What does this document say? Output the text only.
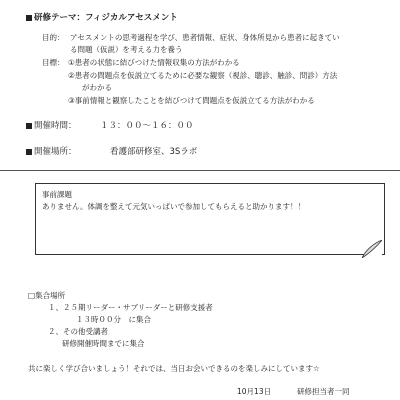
研修テーマ：フィジカルアセスメント
目的： アセスメントの思考過程を学び、患者情報、症状、身体所見から患者に起きてい
る問題（仮説）を考える力を養う
目標： ①患者の状態に結びつけた情報収集の方法がわかる
②患者の問題点を仮説立てるために必要な観察（視診、聴診、触診、問診）方法
がわかる
③事前情報と観察したことを結びつけて問題点を仮説立てる方法がわかる
開催時間：	１３：００〜１６：００
開催場所：	看護部研修室、3Sラボ
事前課題
ありません。体調を整えて元気いっぱいで参加してもらえると助かります！！
□集合場所
１、２５期リーダー・サブリーダーと研修支援者
１３時００分　に集合
２、その他受講者
研修開催時間までに集合
共に楽しく学び合いましょう！それでは、当日お会いできるのを楽しみにしています☆
10月13日	研修担当者一同
